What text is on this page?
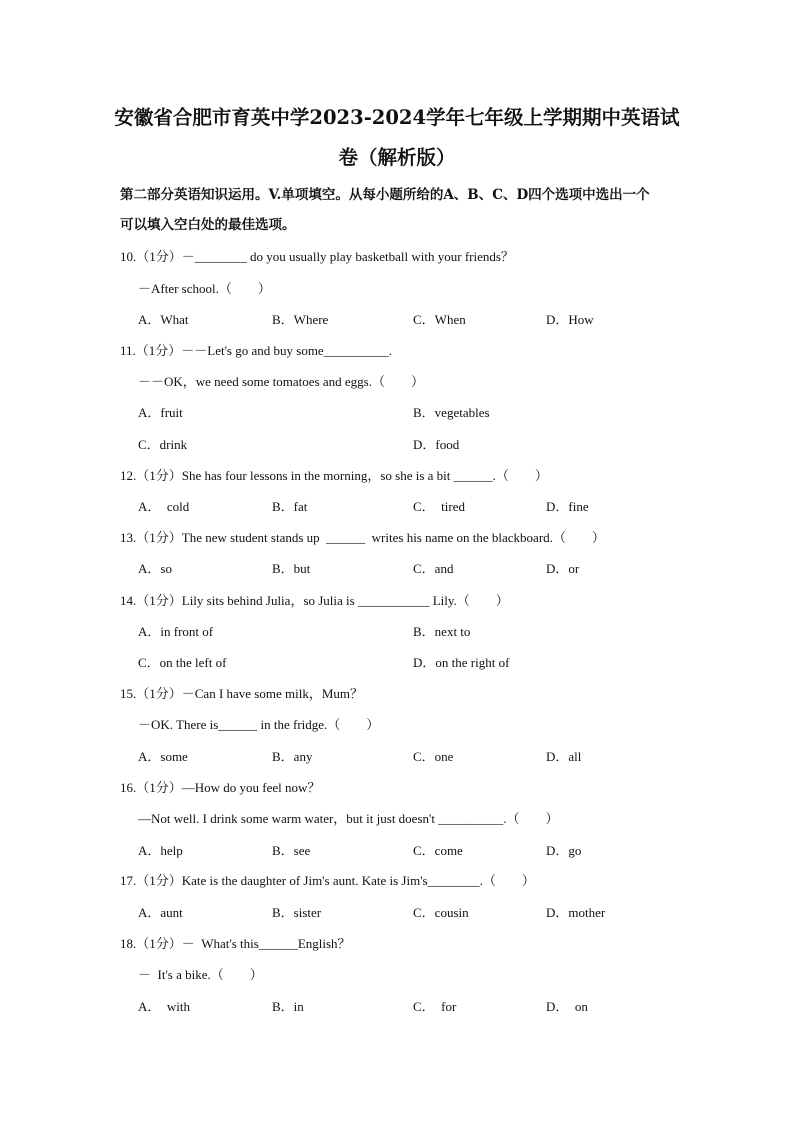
安徽省合肥市育英中学2023-2024学年七年级上学期期中英语试
卷（解析版）
第二部分英语知识运用。V.单项填空。从每小题所给的A、B、C、D四个选项中选出一个
可以填入空白处的最佳选项。
10.（1分）－________ do you usually play basketball with your friends？
－After school.（　　）
A．What	B．Where	C．When	D．How
11.（1分）－－Let's go and buy some__________.
－－OK，we need some tomatoes and eggs.（　　）
A．fruit	B．vegetables
C．drink	D．food
12.（1分）She has four lessons in the morning，so she is a bit ______.（　　）
A．  cold	B．fat	C．  tired	D．fine
13.（1分）The new student stands up  ______  writes his name on the blackboard.（　　）
A．so	B．but	C．and	D．or
14.（1分）Lily sits behind Julia，so Julia is ___________ Lily.（　　）
A．in front of	B．next to
C．on the left of	D．on the right of
15.（1分）－Can I have some milk，Mum？
－OK. There is______ in the fridge.（　　）
A．some	B．any	C．one	D．all
16.（1分）—How do you feel now？
—Not well. I drink some warm water，but it just doesn't __________.（　　）
A．help	B．see	C．come	D．go
17.（1分）Kate is the daughter of Jim's aunt. Kate is Jim's________.（　　）
A．aunt	B．sister	C．cousin	D．mother
18.（1分）－  What's this______English？
－  It's a bike.（　　）
A．  with	B．in	C．  for	D．  on
